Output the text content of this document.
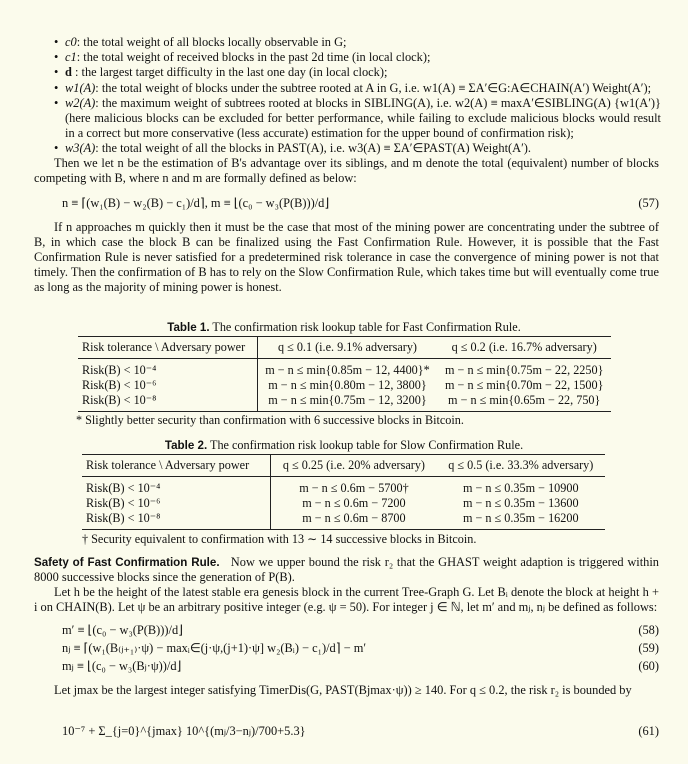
• c0: the total weight of all blocks locally observable in G;
• c1: the total weight of received blocks in the past 2d time (in local clock);
• d : the largest target difficulty in the last one day (in local clock);
• w1(A): the total weight of blocks under the subtree rooted at A in G, i.e. w1(A) ≡ ΣA′∈G:A∈CHAIN(A′) Weight(A′);
• w2(A): the maximum weight of subtrees rooted at blocks in SIBLING(A), i.e. w2(A) ≡ maxA′∈SIBLING(A) {w1(A′)} (here malicious blocks can be excluded for better performance, while failing to exclude malicious blocks would result in a correct but more conservative (less accurate) estimation for the upper bound of confirmation risk);
• w3(A): the total weight of all the blocks in PAST(A), i.e. w3(A) ≡ ΣA′∈PAST(A) Weight(A′).
Then we let n be the estimation of B's advantage over its siblings, and m denote the total (equivalent) number of blocks competing with B, where n and m are formally defined as below:
n ≡ ⌈(w₁(B) − w₂(B) − c₁)/d⌉, m ≡ ⌊(c₀ − w₃(P(B)))/d⌋	(57)
If n approaches m quickly then it must be the case that most of the mining power are concentrating under the subtree of B, in which case the block B can be finalized using the Fast Confirmation Rule. However, it is possible that the Fast Confirmation Rule is never satisfied for a predetermined risk tolerance in case the convergence of mining power is not that timely. Then the confirmation of B has to rely on the Slow Confirmation Rule, which takes time but will eventually come true as long as the majority of mining power is honest.
Table 1. The confirmation risk lookup table for Fast Confirmation Rule.
Risk tolerance \ Adversary power	q ≤ 0.1 (i.e. 9.1% adversary)	q ≤ 0.2 (i.e. 16.7% adversary)
Risk(B) < 10⁻⁴	m − n ≤ min{0.85m − 12, 4400}*	m − n ≤ min{0.75m − 22, 2250}
Risk(B) < 10⁻⁶	m − n ≤ min{0.80m − 12, 3800}	m − n ≤ min{0.70m − 22, 1500}
Risk(B) < 10⁻⁸	m − n ≤ min{0.75m − 12, 3200}	m − n ≤ min{0.65m − 22, 750}
* Slightly better security than confirmation with 6 successive blocks in Bitcoin.
Table 2. The confirmation risk lookup table for Slow Confirmation Rule.
Risk tolerance \ Adversary power	q ≤ 0.25 (i.e. 20% adversary)	q ≤ 0.5 (i.e. 33.3% adversary)
Risk(B) < 10⁻⁴	m − n ≤ 0.6m − 5700†	m − n ≤ 0.35m − 10900
Risk(B) < 10⁻⁶	m − n ≤ 0.6m − 7200	m − n ≤ 0.35m − 13600
Risk(B) < 10⁻⁸	m − n ≤ 0.6m − 8700	m − n ≤ 0.35m − 16200
† Security equivalent to confirmation with 13 ∼ 14 successive blocks in Bitcoin.
Safety of Fast Confirmation Rule. Now we upper bound the risk r₂ that the GHAST weight adaption is triggered within 8000 successive blocks since the generation of P(B).
Let h be the height of the latest stable era genesis block in the current Tree-Graph G. Let Bᵢ denote the block at height h + i on CHAIN(B). Let ψ be an arbitrary positive integer (e.g. ψ = 50). For integer j ∈ ℕ, let m′ and mⱼ, nⱼ be defined as follows:
m′ ≡ ⌊(c₀ − w₃(P(B)))/d⌋	(58)
nⱼ ≡ ⌈(w₁(B₍ⱼ₊₁₎·ψ) − maxᵢ∈(j·ψ,(j+1)·ψ] w₂(Bᵢ) − c₁)/d⌉ − m′	(59)
mⱼ ≡ ⌊(c₀ − w₃(Bⱼ·ψ))/d⌋	(60)
Let jmax be the largest integer satisfying TimerDis(G, PAST(Bjmax·ψ)) ≥ 140. For q ≤ 0.2, the risk r₂ is bounded by
10⁻⁷ + Σ_{j=0}^{jmax} 10^{(mⱼ/3−nⱼ)/700+5.3}	(61)
